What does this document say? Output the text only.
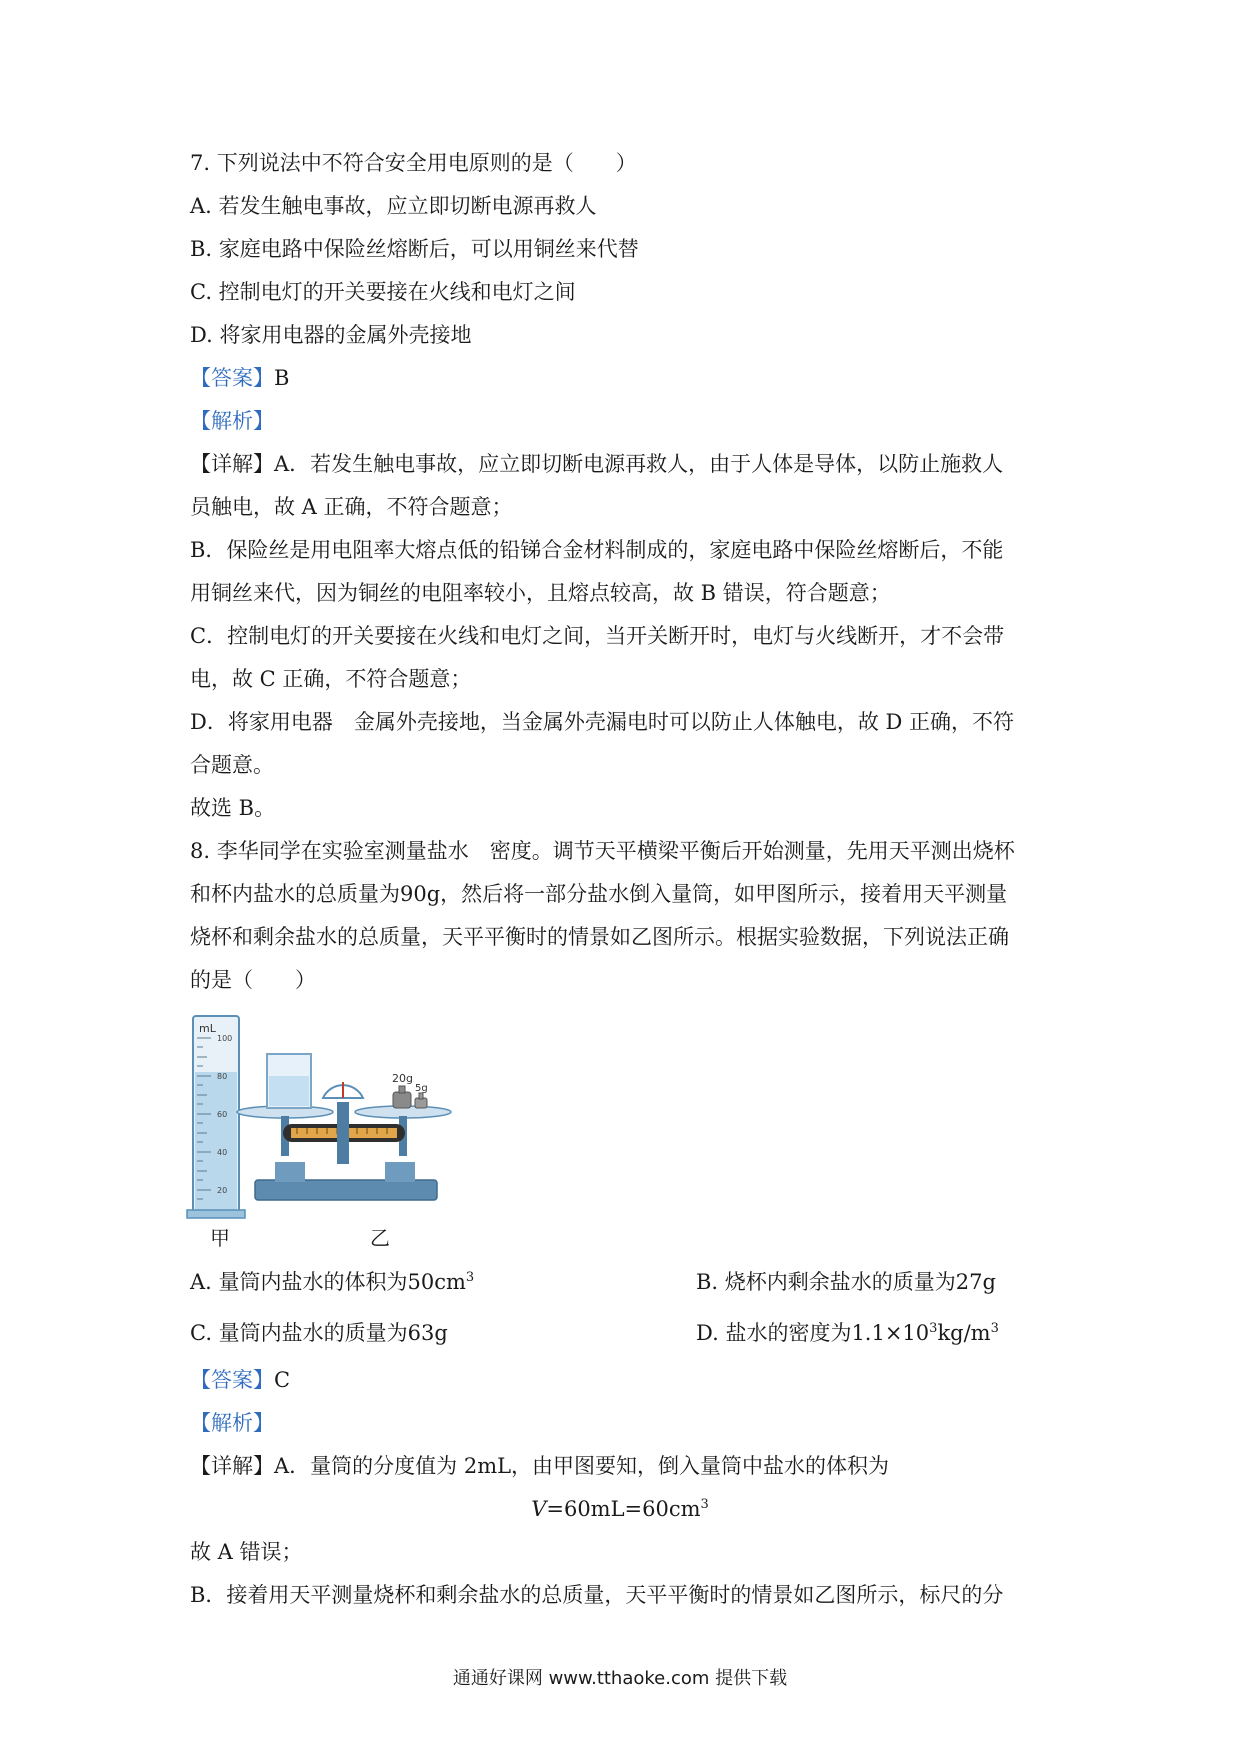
7. 下列说法中不符合安全用电原则的是（　　）
A. 若发生触电事故，应立即切断电源再救人
B. 家庭电路中保险丝熔断后，可以用铜丝来代替
C. 控制电灯的开关要接在火线和电灯之间
D. 将家用电器的金属外壳接地
【答案】B
【解析】
【详解】A．若发生触电事故，应立即切断电源再救人，由于人体是导体，以防止施救人
员触电，故 A 正确，不符合题意；
B．保险丝是用电阻率大熔点低的铅锑合金材料制成的，家庭电路中保险丝熔断后，不能
用铜丝来代，因为铜丝的电阻率较小，且熔点较高，故 B 错误，符合题意；
C．控制电灯的开关要接在火线和电灯之间，当开关断开时，电灯与火线断开，才不会带
电，故 C 正确，不符合题意；
D．将家用电器　金属外壳接地，当金属外壳漏电时可以防止人体触电，故 D 正确，不符
合题意。
故选 B。
8. 李华同学在实验室测量盐水　密度。调节天平横梁平衡后开始测量，先用天平测出烧杯
和杯内盐水的总质量为90g，然后将一部分盐水倒入量筒，如甲图所示，接着用天平测量
烧杯和剩余盐水的总质量，天平平衡时的情景如乙图所示。根据实验数据，下列说法正确
的是（　　）
mL
100
80
60
40
20
20g
5g
甲	乙
A. 量筒内盐水的体积为$50cm^3$	B. 烧杯内剩余盐水的质量为27g
C. 量筒内盐水的质量为63g	D. 盐水的密度为$1.1\times 10^3kg/m^3$
【答案】C
【解析】
【详解】A．量筒的分度值为 2mL，由甲图要知，倒入量筒中盐水的体积为
$V=60mL=60cm^3$
故 A 错误；
B．接着用天平测量烧杯和剩余盐水的总质量，天平平衡时的情景如乙图所示，标尺的分
通通好课网 www.tthaoke.com 提供下载
